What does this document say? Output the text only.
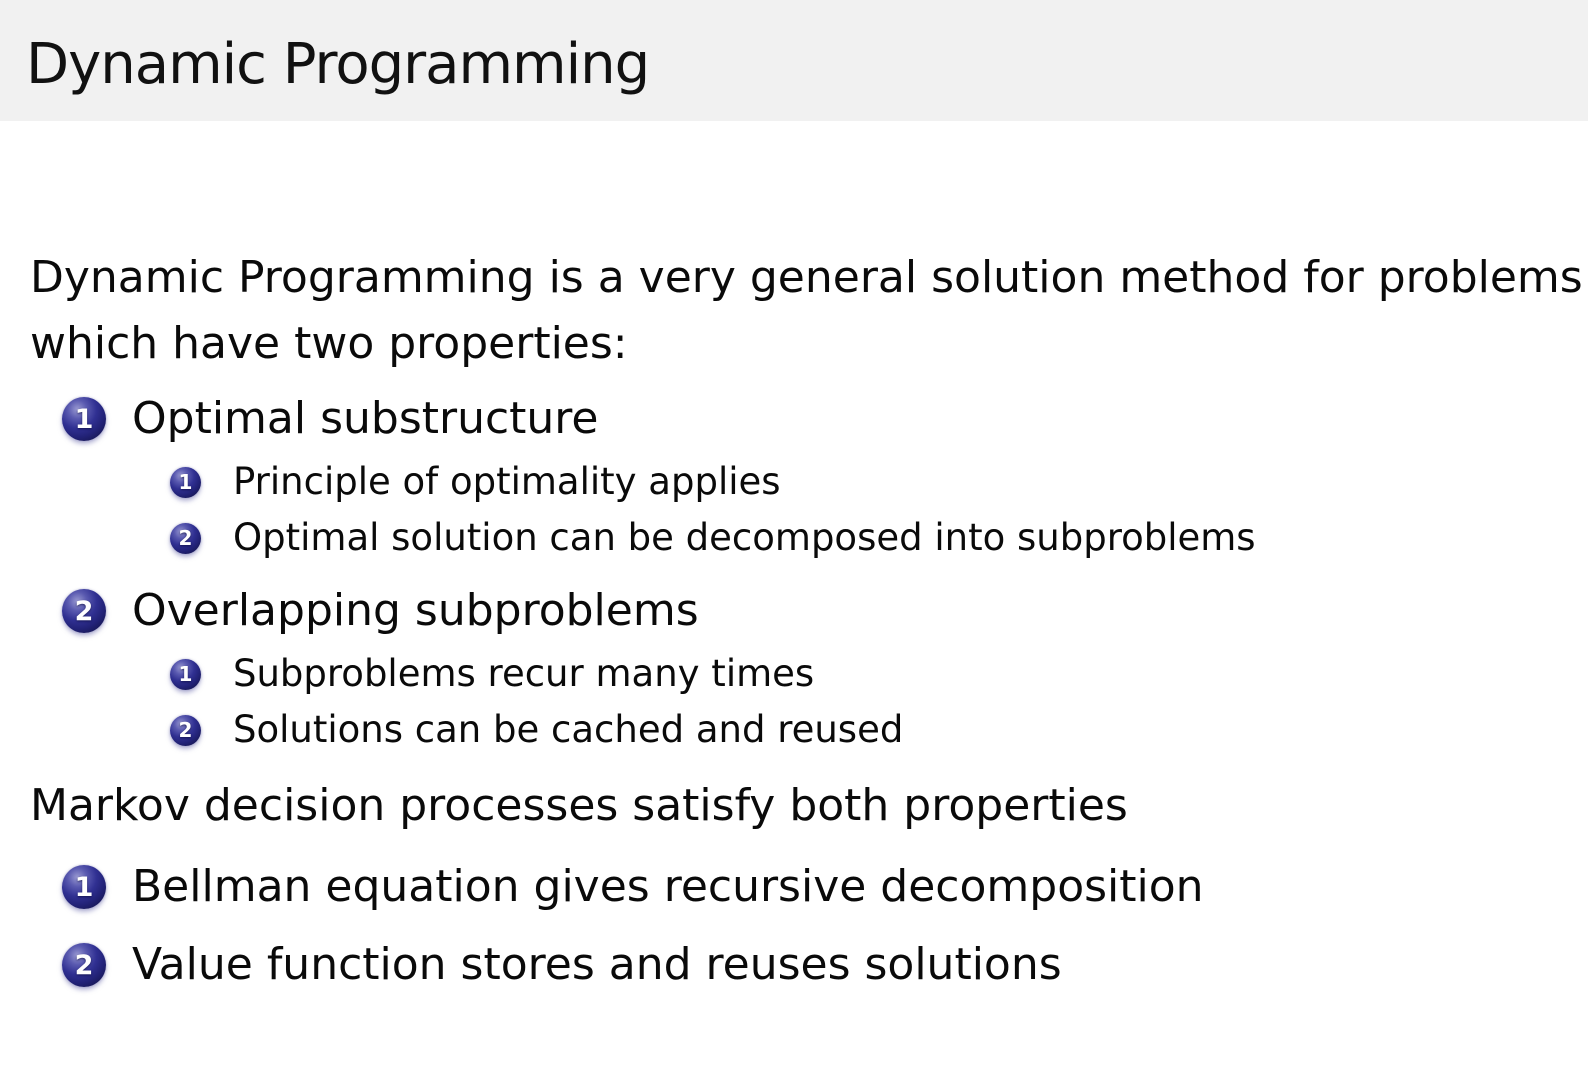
Dynamic Programming

Dynamic Programming is a very general solution method for problems
which have two properties:

1 Optimal substructure
1 Principle of optimality applies
2 Optimal solution can be decomposed into subproblems
2 Overlapping subproblems
1 Subproblems recur many times
2 Solutions can be cached and reused

Markov decision processes satisfy both properties

1 Bellman equation gives recursive decomposition
2 Value function stores and reuses solutions
